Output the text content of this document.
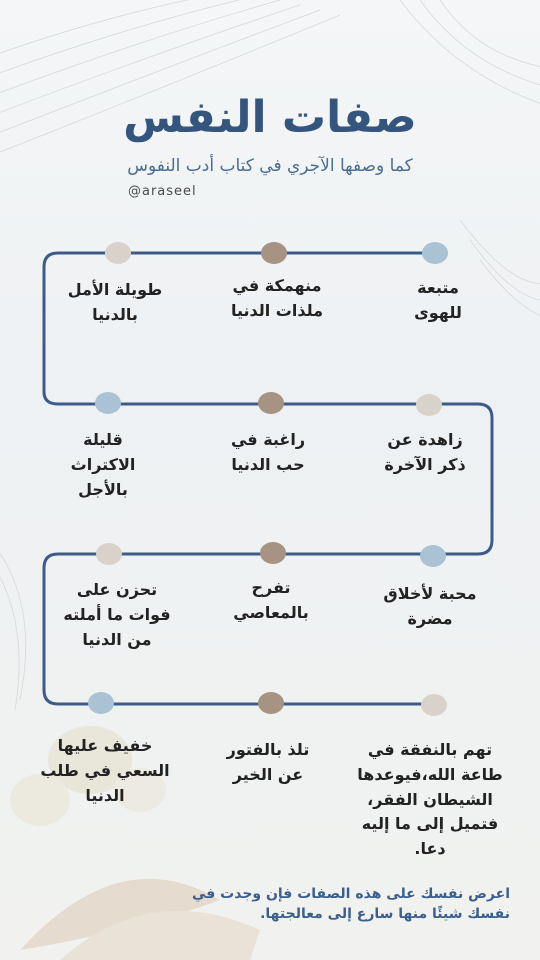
صفات النفس
كما وصفها الآجري في كتاب أدب النفوس
@araseel
متبعة
للهوى
منهمكة في
ملذات الدنيا
طويلة الأمل
بالدنيا
زاهدة عن
ذكر الآخرة
راغبة في
حب الدنيا
قليلة
الاكتراث
بالأجل
محبة لأخلاق
مضرة
تفرح
بالمعاصي
تحزن على
فوات ما أملته
من الدنيا
تهم بالنفقة في
طاعة الله،فيوعدها
الشيطان الفقر،
فتميل إلى ما إليه
دعا.
تلذ بالفتور
عن الخير
خفيف عليها
السعي في طلب
الدنيا
اعرض نفسك على هذه الصفات فإن وجدت في نفسك شيئًا منها سارع إلى معالجتها.
